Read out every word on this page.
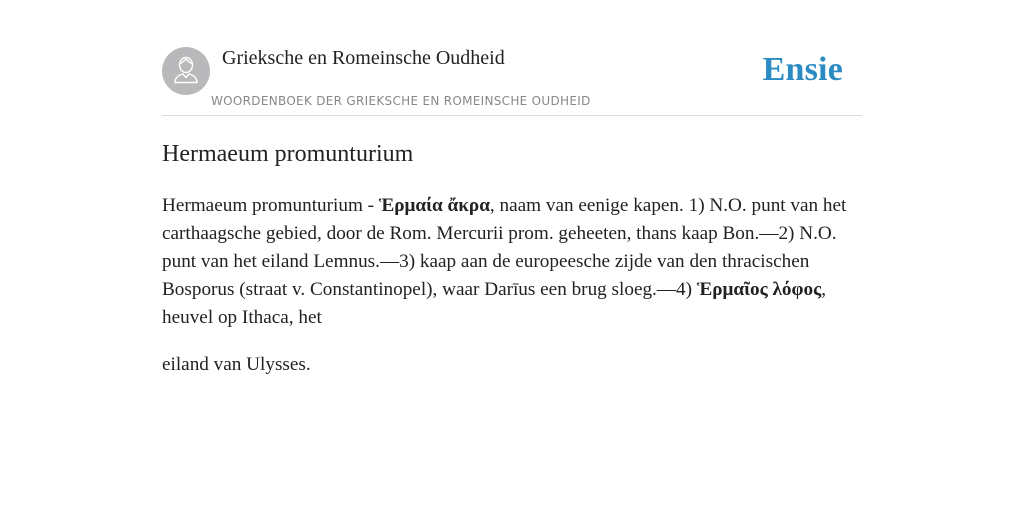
Grieksche en Romeinsche Oudheid
WOORDENBOEK DER GRIEKSCHE EN ROMEINSCHE OUDHEID
Ensie
Hermaeum promunturium

Hermaeum promunturium - Ἑρμαία ἄκρα, naam van eenige kapen. 1) N.O. punt van het carthaagsche gebied, door de Rom. Mercurii prom. geheeten, thans kaap Bon.—2) N.O. punt van het eiland Lemnus.—3) kaap aan de europeesche zijde van den thracischen Bosporus (straat v. Constantinopel), waar Darīus een brug sloeg.—4) Ἑρμαῖος λόφος, heuvel op Ithaca, het

eiland van Ulysses.
